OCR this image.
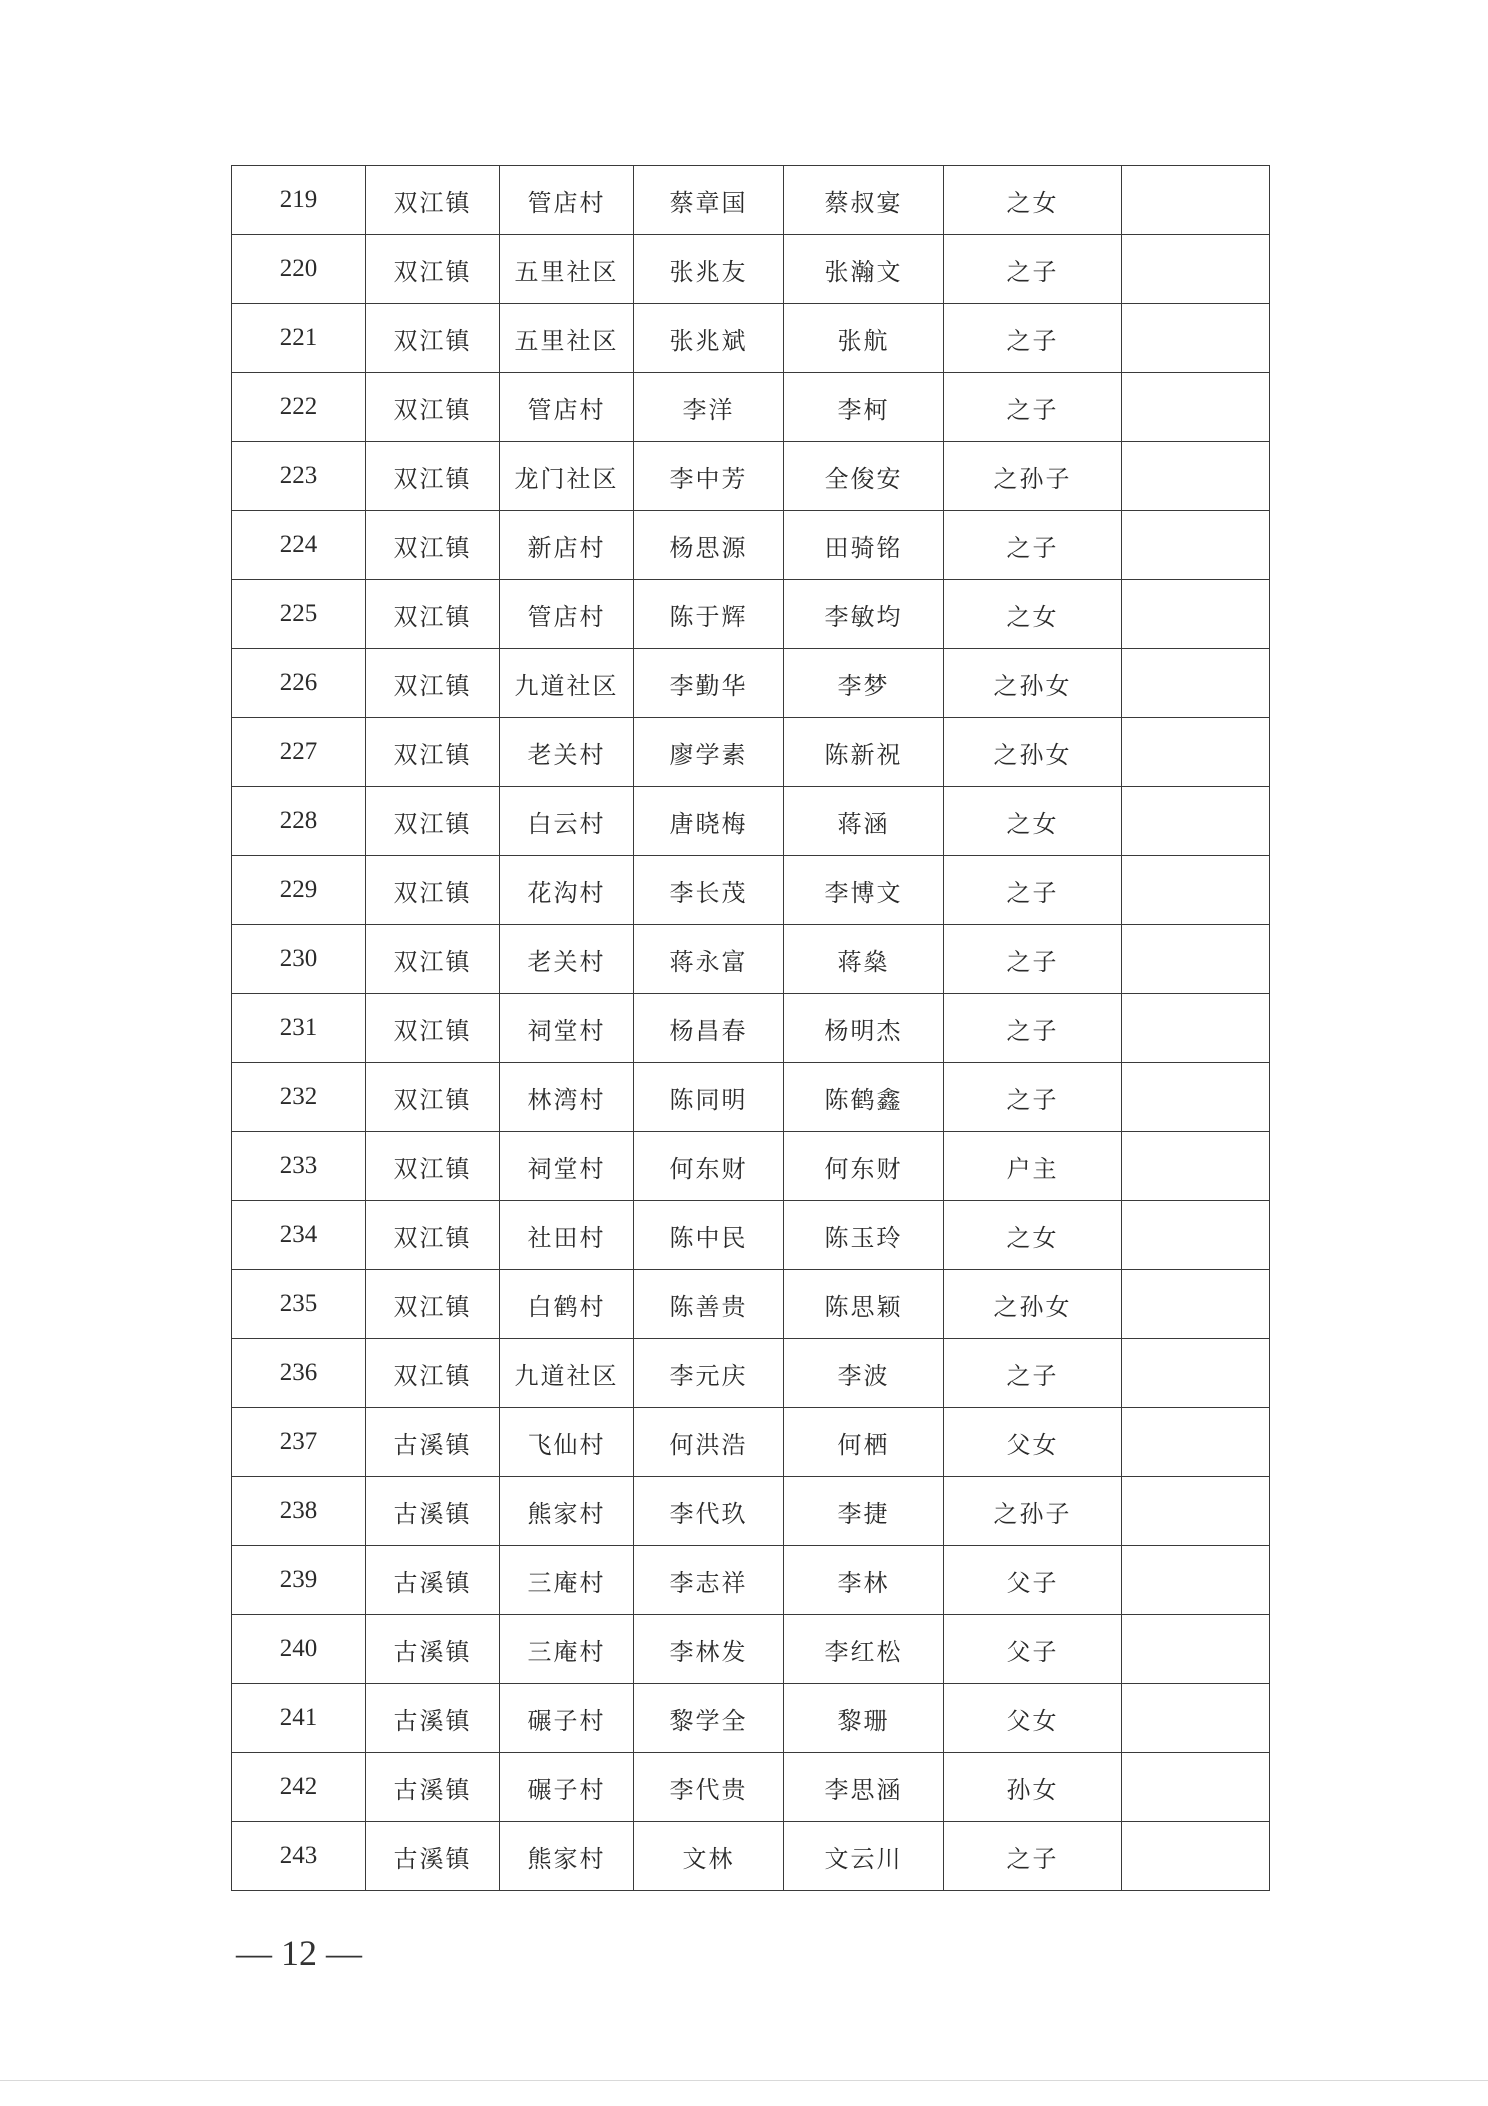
219	双江镇	管店村	蔡章国	蔡叔宴	之女	
220	双江镇	五里社区	张兆友	张瀚文	之子	
221	双江镇	五里社区	张兆斌	张航	之子	
222	双江镇	管店村	李洋	李柯	之子	
223	双江镇	龙门社区	李中芳	全俊安	之孙子	
224	双江镇	新店村	杨思源	田骑铭	之子	
225	双江镇	管店村	陈于辉	李敏均	之女	
226	双江镇	九道社区	李勤华	李梦	之孙女	
227	双江镇	老关村	廖学素	陈新祝	之孙女	
228	双江镇	白云村	唐晓梅	蒋涵	之女	
229	双江镇	花沟村	李长茂	李博文	之子	
230	双江镇	老关村	蒋永富	蒋燊	之子	
231	双江镇	祠堂村	杨昌春	杨明杰	之子	
232	双江镇	林湾村	陈同明	陈鹤鑫	之子	
233	双江镇	祠堂村	何东财	何东财	户主	
234	双江镇	社田村	陈中民	陈玉玲	之女	
235	双江镇	白鹤村	陈善贵	陈思颖	之孙女	
236	双江镇	九道社区	李元庆	李波	之子	
237	古溪镇	飞仙村	何洪浩	何栖	父女	
238	古溪镇	熊家村	李代玖	李捷	之孙子	
239	古溪镇	三庵村	李志祥	李林	父子	
240	古溪镇	三庵村	李林发	李红松	父子	
241	古溪镇	碾子村	黎学全	黎珊	父女	
242	古溪镇	碾子村	李代贵	李思涵	孙女	
243	古溪镇	熊家村	文林	文云川	之子	
— 12 —
